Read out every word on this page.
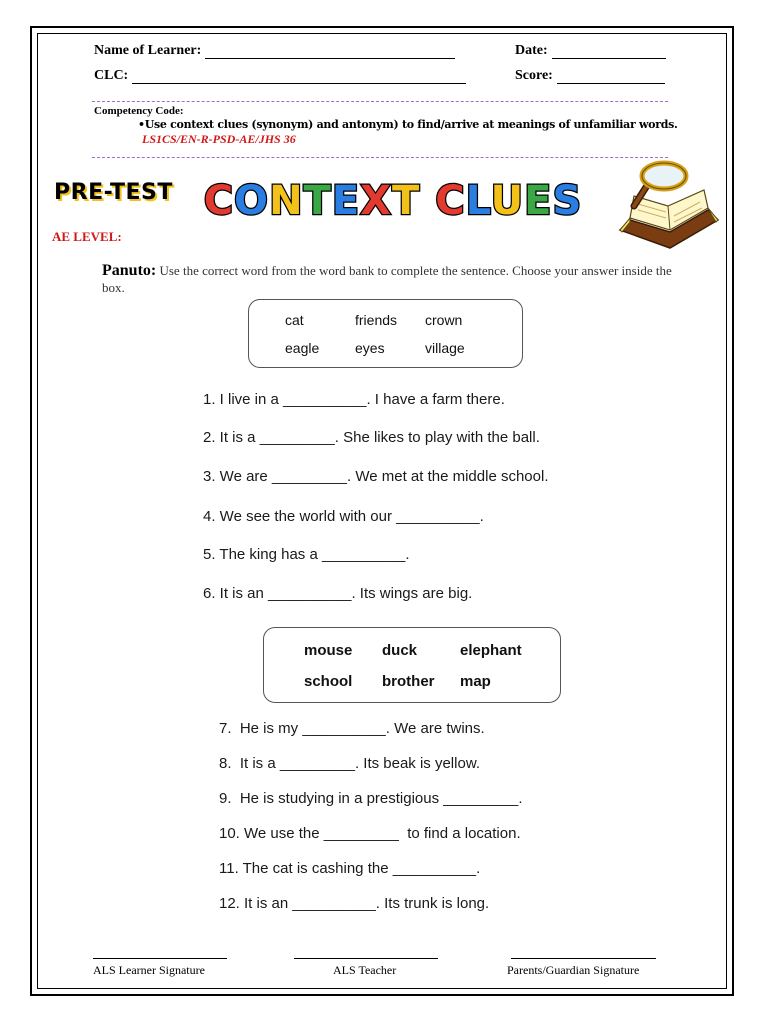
Name of Learner:	Date:
CLC:	Score:
Competency Code:
•Use context clues (synonym) and antonym) to find/arrive at meanings of unfamiliar words.
LS1CS/EN-R-PSD-AE/JHS 36
PRE-TEST CONTEXT CLUES
AE LEVEL:
Panuto: Use the correct word from the word bank to complete the sentence. Choose your answer inside the box.
cat	friends crown
eagle	eyes	village
1. I live in a __________. I have a farm there.
2. It is a _________. She likes to play with the ball.
3. We are _________. We met at the middle school.
4. We see the world with our __________.
5. The king has a __________.
6. It is an __________. Its wings are big.
mouse duck	elephant
school brother map
7.  He is my __________. We are twins.
8.  It is a _________. Its beak is yellow.
9.  He is studying in a prestigious _________.
10. We use the _________  to find a location.
11. The cat is cashing the __________.
12. It is an __________. Its trunk is long.
ALS Learner Signature	ALS Teacher	Parents/Guardian Signature
